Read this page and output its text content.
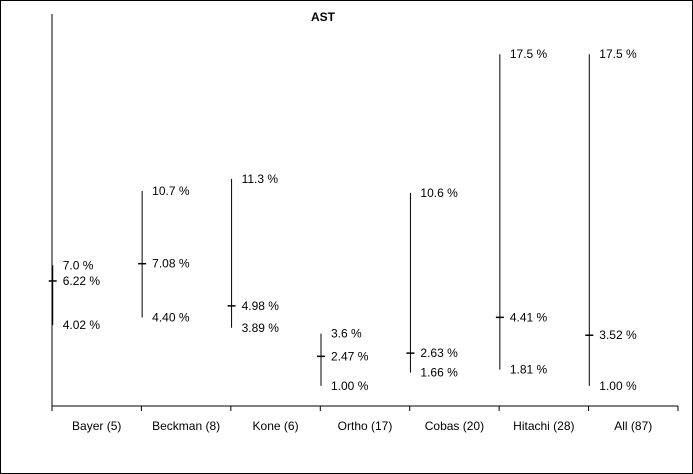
AST
Bayer (5)	Beckman (8)	Kone (6)	Ortho (17)	Cobas (20) Hitachi (28)	All (87)
7.0 %
6.22 %
4.02 %
10.7 %
7.08 %
4.40 %
11.3 %
4.98 %
3.89 %	3.6 %
2.47 %
1.00 %
10.6 %
2.63 %
1.66 %
17.5 %
4.41 %
1.81 %
17.5 %
3.52 %
1.00 %
